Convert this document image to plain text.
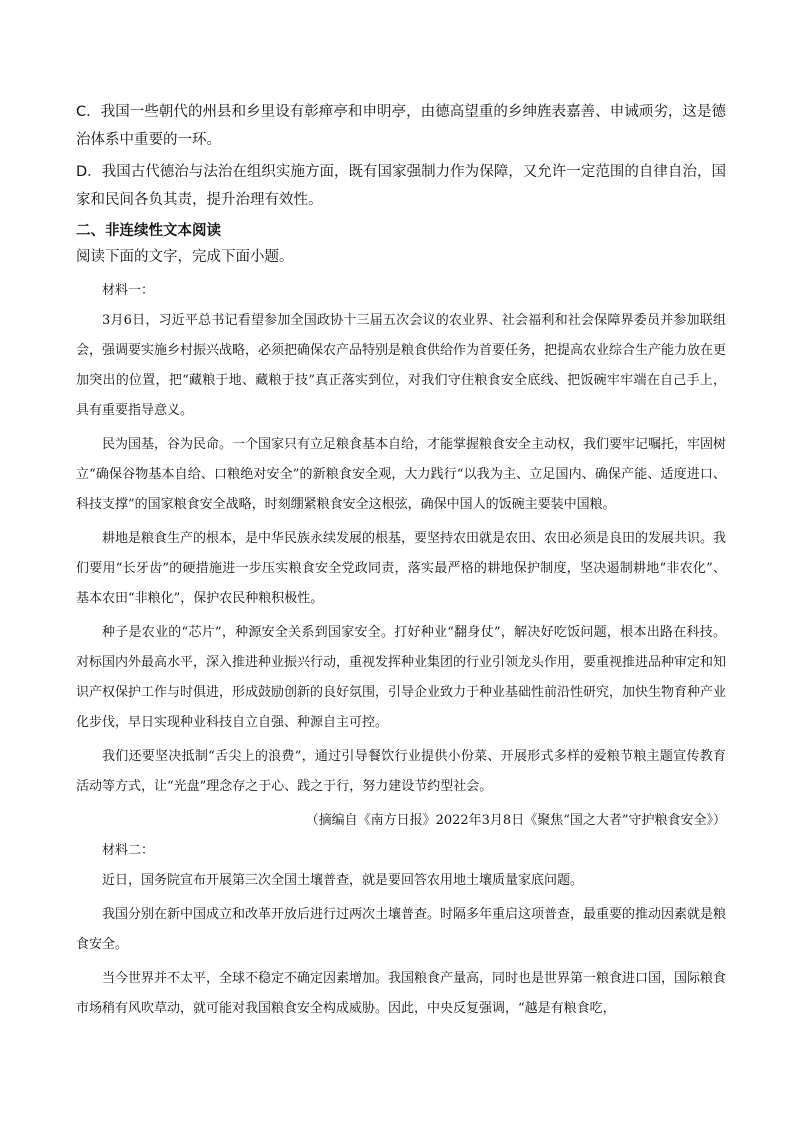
C．我国一些朝代的州县和乡里设有彰瘅亭和申明亭，由德高望重的乡绅旌表嘉善、申诫顽劣，这是德治体系中重要的一环。

D．我国古代德治与法治在组织实施方面，既有国家强制力作为保障，又允许一定范围的自律自治，国家和民间各负其责，提升治理有效性。

二、非连续性文本阅读

阅读下面的文字，完成下面小题。

材料一：

3月6日，习近平总书记看望参加全国政协十三届五次会议的农业界、社会福利和社会保障界委员并参加联组会，强调要实施乡村振兴战略，必须把确保农产品特别是粮食供给作为首要任务，把提高农业综合生产能力放在更加突出的位置，把“藏粮于地、藏粮于技”真正落实到位，对我们守住粮食安全底线、把饭碗牢牢端在自己手上，具有重要指导意义。

民为国基，谷为民命。一个国家只有立足粮食基本自给，才能掌握粮食安全主动权，我们要牢记嘱托，牢固树立“确保谷物基本自给、口粮绝对安全”的新粮食安全观，大力践行“以我为主、立足国内、确保产能、适度进口、科技支撑”的国家粮食安全战略，时刻绷紧粮食安全这根弦，确保中国人的饭碗主要装中国粮。

耕地是粮食生产的根本，是中华民族永续发展的根基，要坚持农田就是农田、农田必须是良田的发展共识。我们要用“长牙齿”的硬措施进一步压实粮食安全党政同责，落实最严格的耕地保护制度，坚决遏制耕地“非农化”、基本农田“非粮化”，保护农民种粮积极性。

种子是农业的“芯片”，种源安全关系到国家安全。打好种业“翻身仗”，解决好吃饭问题，根本出路在科技。对标国内外最高水平，深入推进种业振兴行动，重视发挥种业集团的行业引领龙头作用，要重视推进品种审定和知识产权保护工作与时俱进，形成鼓励创新的良好氛围，引导企业致力于种业基础性前沿性研究，加快生物育种产业化步伐，早日实现种业科技自立自强、种源自主可控。

我们还要坚决抵制“舌尖上的浪费”，通过引导餐饮行业提供小份菜、开展形式多样的爱粮节粮主题宣传教育活动等方式，让“光盘”理念存之于心、践之于行，努力建设节约型社会。

（摘编自《南方日报》2022年3月8日《聚焦“国之大者”守护粮食安全》）

材料二：

近日，国务院宣布开展第三次全国土壤普查，就是要回答农用地土壤质量家底问题。

我国分别在新中国成立和改革开放后进行过两次土壤普查。时隔多年重启这项普查，最重要的推动因素就是粮食安全。

当今世界并不太平，全球不稳定不确定因素增加。我国粮食产量高，同时也是世界第一粮食进口国，国际粮食市场稍有风吹草动，就可能对我国粮食安全构成威胁。因此，中央反复强调，“越是有粮食吃，
